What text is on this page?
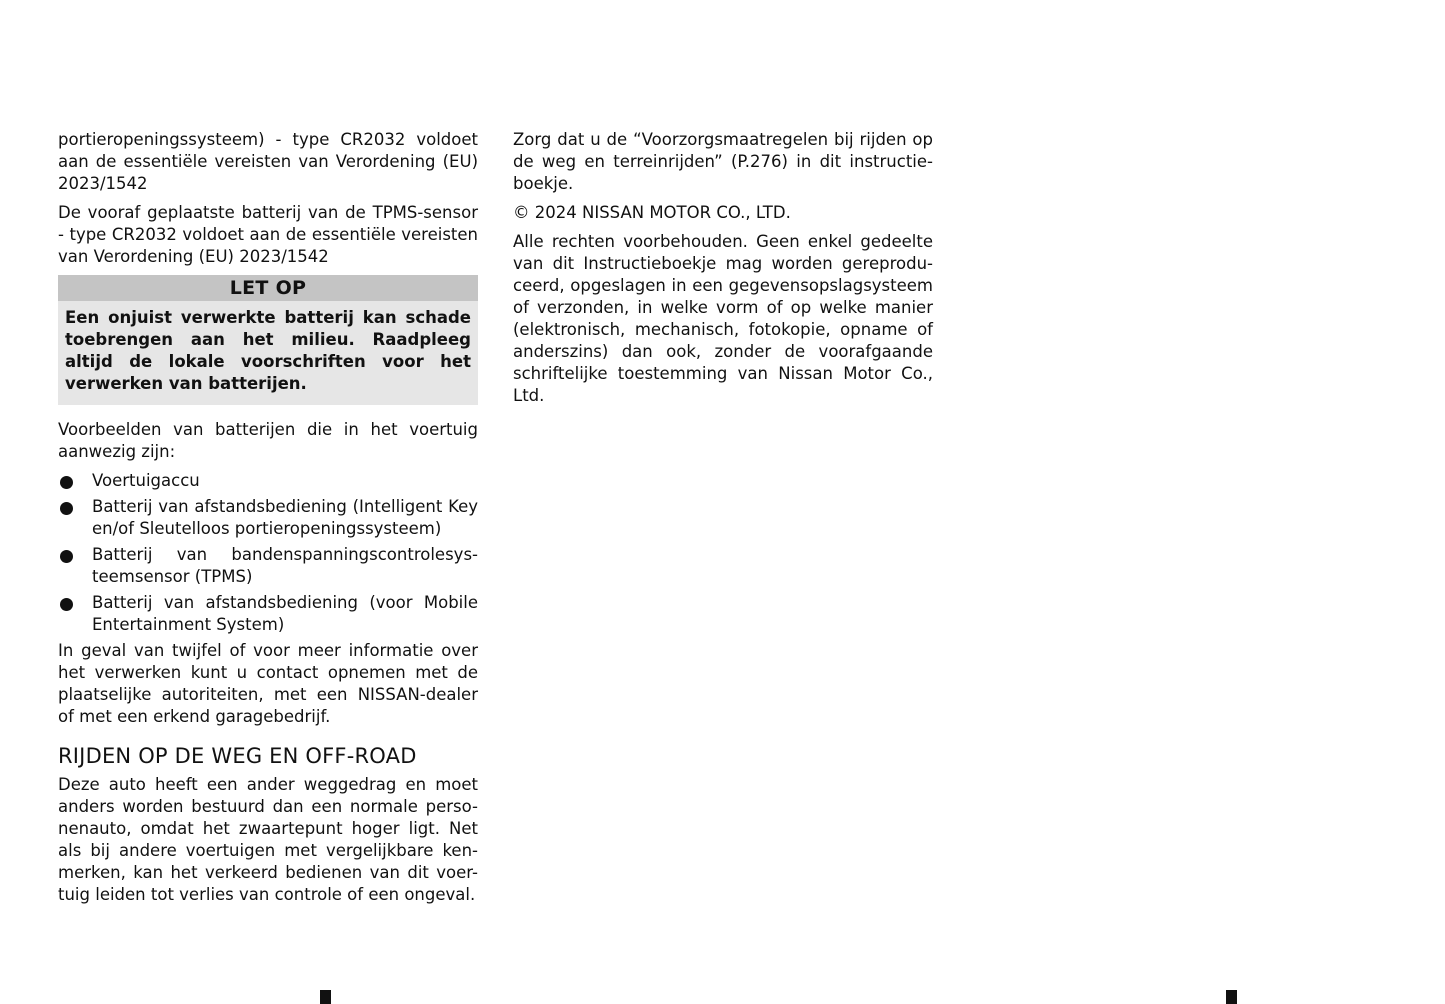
portieropeningssysteem) - type CR2032 voldoet aan de essentiële vereisten van Verordening (EU) 2023/1542

De vooraf geplaatste batterij van de TPMS-sensor - type CR2032 voldoet aan de essentiële vereisten van Verordening (EU) 2023/1542

LET OP
Een onjuist verwerkte batterij kan schade toebrengen aan het milieu. Raadpleeg altijd de lokale voorschriften voor het verwerken van batterijen.

Voorbeelden van batterijen die in het voertuig aanwezig zijn:

Voertuigaccu
Batterij van afstandsbediening (Intelligent Key en/of Sleutelloos portieropeningssysteem)
Batterij van bandenspanningscontrolesys-teemsensor (TPMS)
Batterij van afstandsbediening (voor Mobile Entertainment System)

In geval van twijfel of voor meer informatie over het verwerken kunt u contact opnemen met de plaatselijke autoriteiten, met een NISSAN-dealer of met een erkend garagebedrijf.

RIJDEN OP DE WEG EN OFF-ROAD

Deze auto heeft een ander weggedrag en moet anders worden bestuurd dan een normale perso-nenauto, omdat het zwaartepunt hoger ligt. Net als bij andere voertuigen met vergelijkbare ken-merken, kan het verkeerd bedienen van dit voer-tuig leiden tot verlies van controle of een ongeval.

Zorg dat u de “Voorzorgsmaatregelen bij rijden op de weg en terreinrijden” (P.276) in dit instructie-boekje.

© 2024 NISSAN MOTOR CO., LTD.

Alle rechten voorbehouden. Geen enkel gedeelte van dit Instructieboekje mag worden gereprodu-ceerd, opgeslagen in een gegevensopslagsysteem of verzonden, in welke vorm of op welke manier (elektronisch, mechanisch, fotokopie, opname of anderszins) dan ook, zonder de voorafgaande schriftelijke toestemming van Nissan Motor Co., Ltd.
